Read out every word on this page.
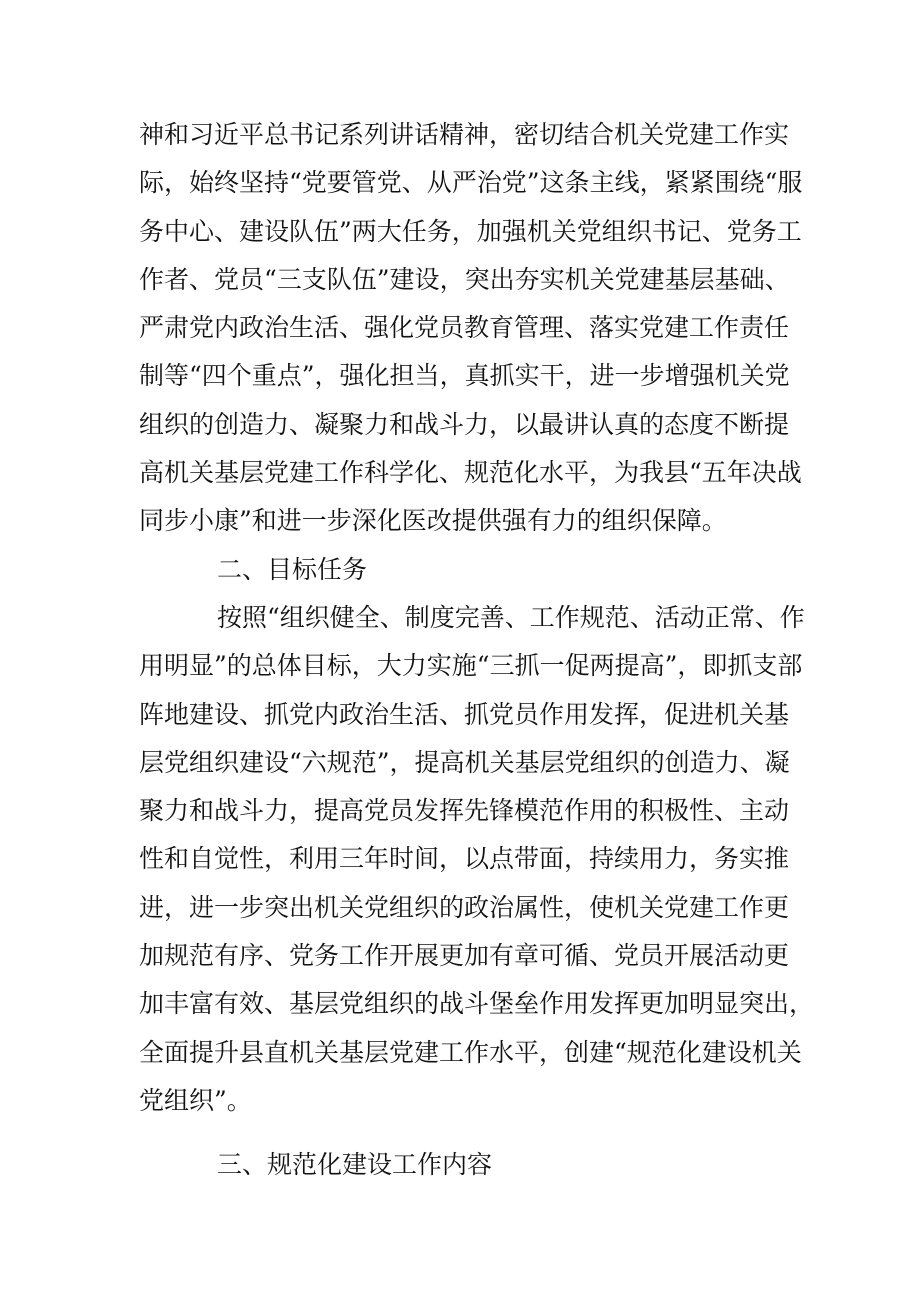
神和习近平总书记系列讲话精神，密切结合机关党建工作实
际，始终坚持“党要管党、从严治党”这条主线，紧紧围绕“服
务中心、建设队伍”两大任务，加强机关党组织书记、党务工
作者、党员“三支队伍”建设，突出夯实机关党建基层基础、
严肃党内政治生活、强化党员教育管理、落实党建工作责任
制等“四个重点”，强化担当，真抓实干，进一步增强机关党
组织的创造力、凝聚力和战斗力，以最讲认真的态度不断提
高机关基层党建工作科学化、规范化水平，为我县“五年决战
同步小康”和进一步深化医改提供强有力的组织保障。
二、目标任务
按照“组织健全、制度完善、工作规范、活动正常、作
用明显”的总体目标，大力实施“三抓一促两提高”，即抓支部
阵地建设、抓党内政治生活、抓党员作用发挥，促进机关基
层党组织建设“六规范”，提高机关基层党组织的创造力、凝
聚力和战斗力，提高党员发挥先锋模范作用的积极性、主动
性和自觉性，利用三年时间，以点带面，持续用力，务实推
进，进一步突出机关党组织的政治属性，使机关党建工作更
加规范有序、党务工作开展更加有章可循、党员开展活动更
加丰富有效、基层党组织的战斗堡垒作用发挥更加明显突出，
全面提升县直机关基层党建工作水平，创建“规范化建设机关
党组织”。
三、规范化建设工作内容
